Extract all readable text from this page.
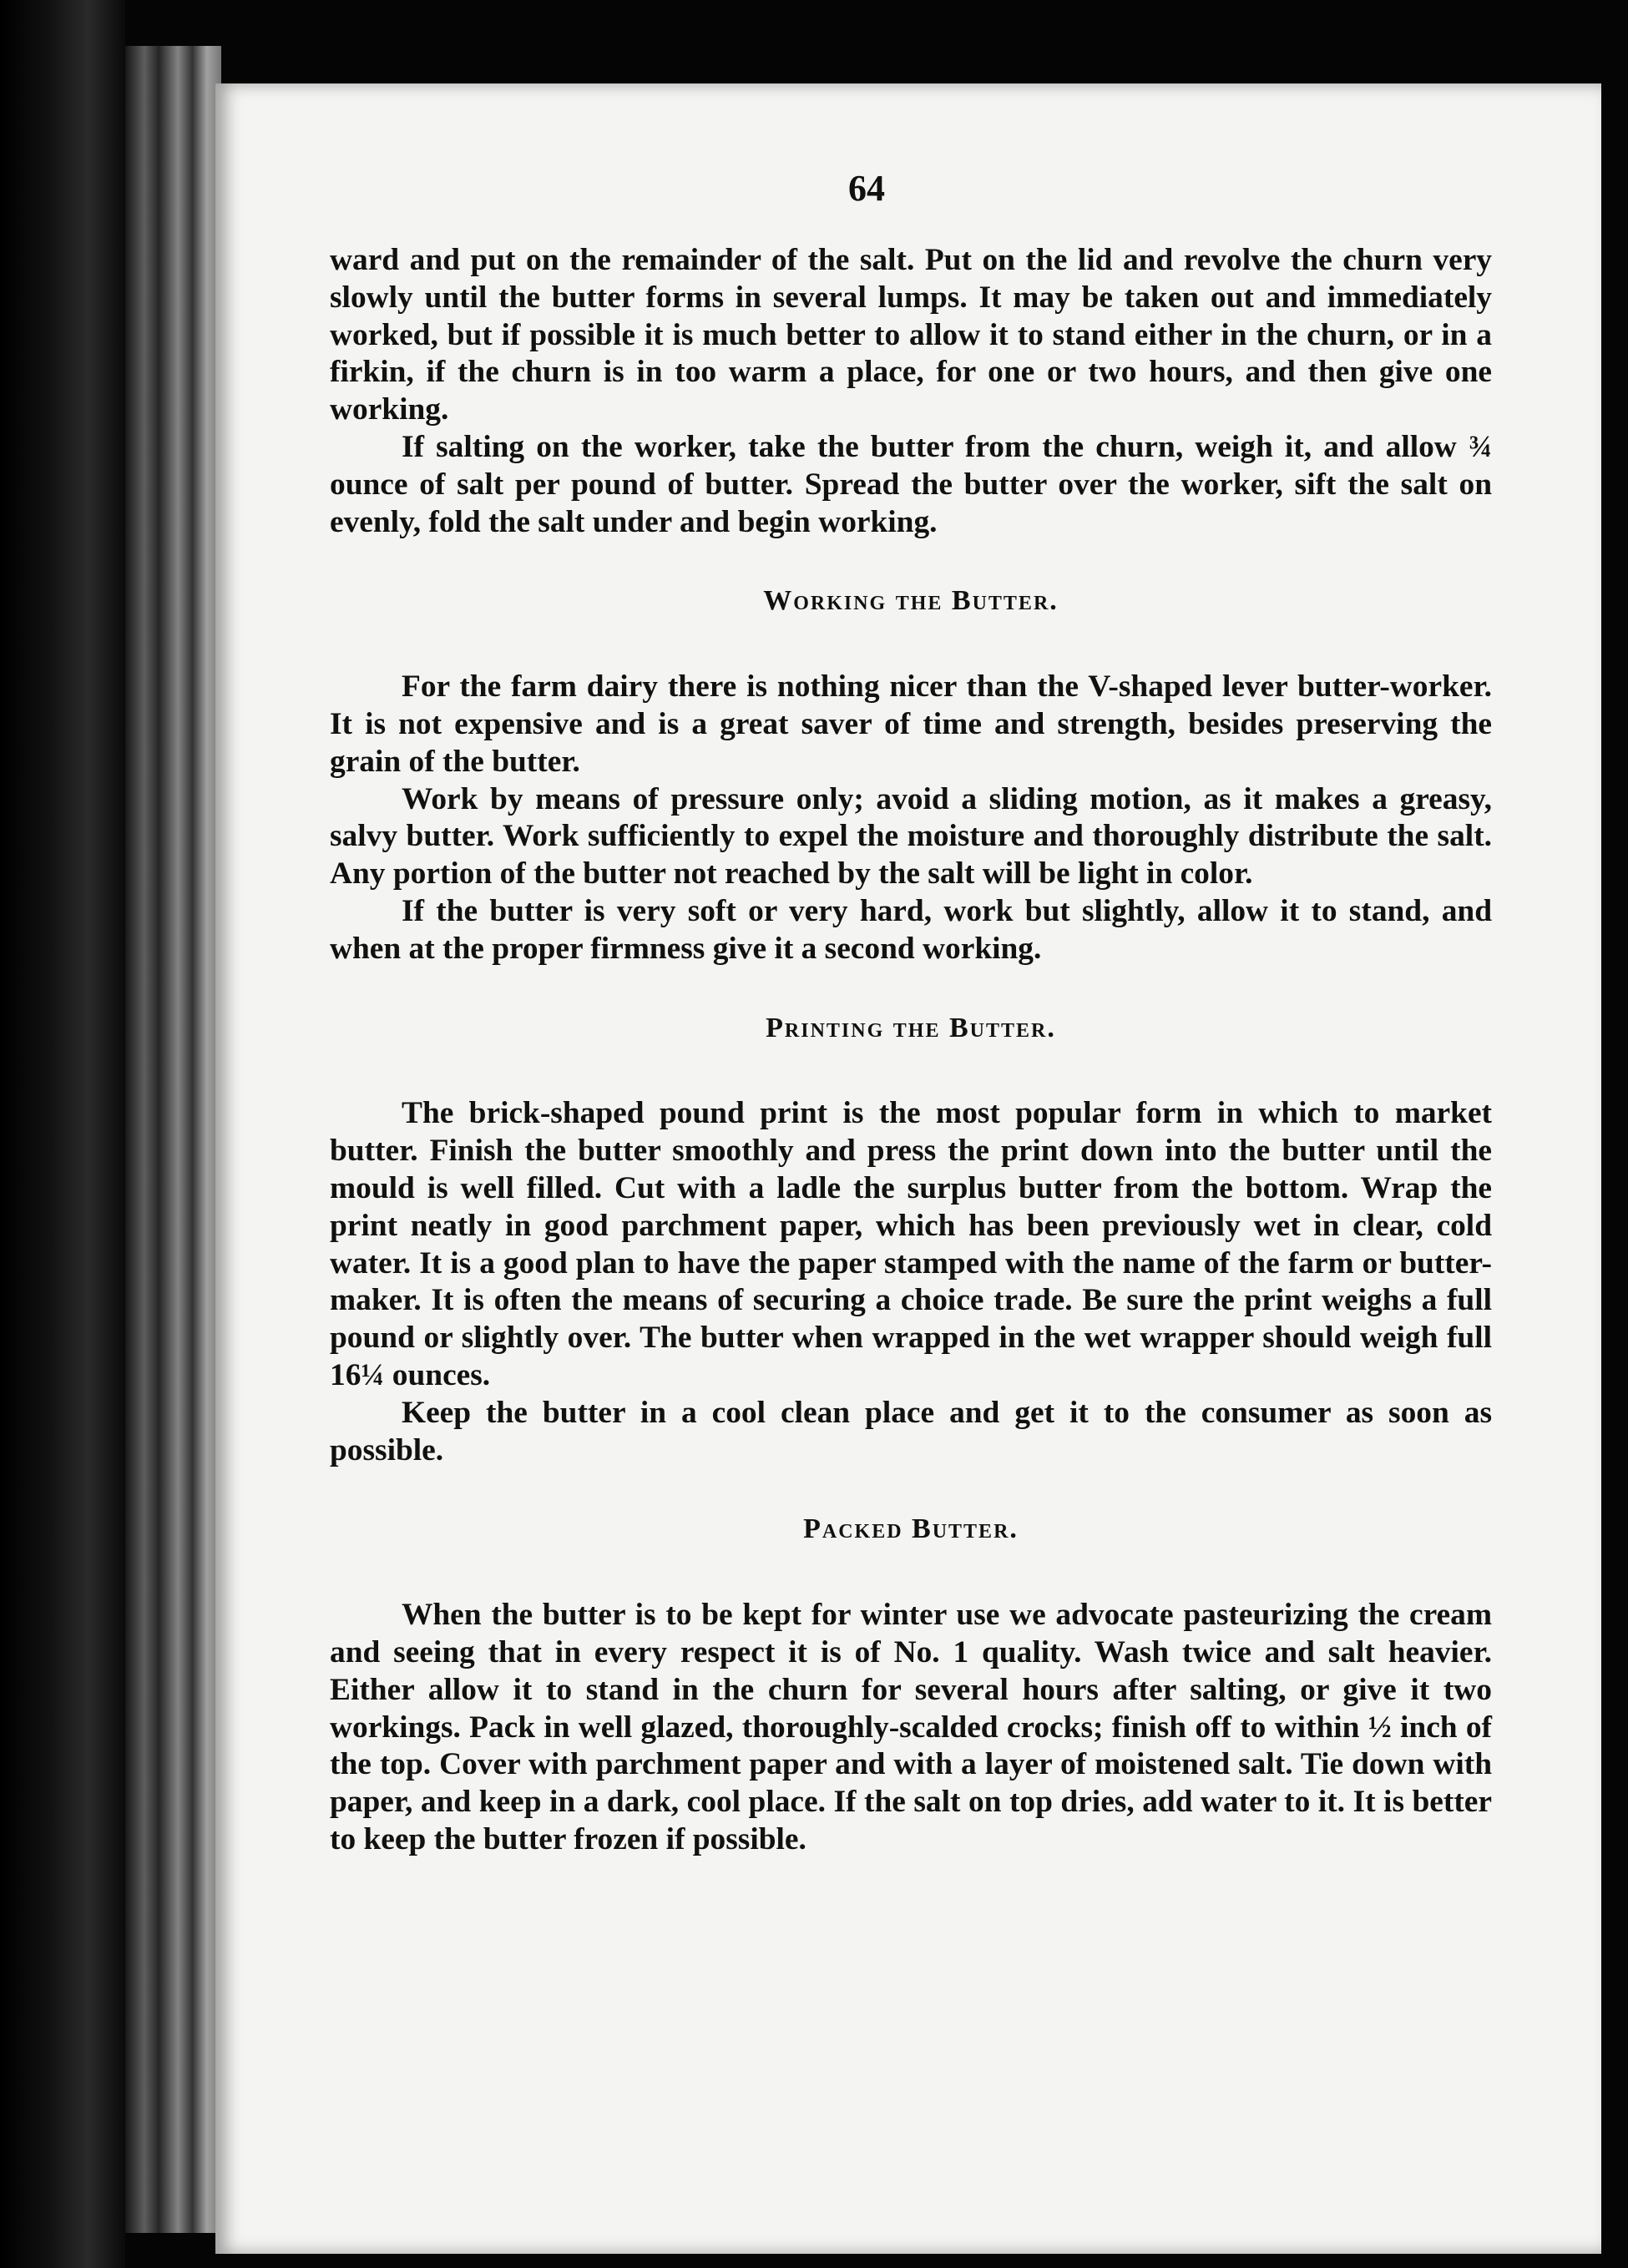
64

ward and put on the remainder of the salt. Put on the lid and revolve the churn very slowly until the butter forms in several lumps. It may be taken out and immediately worked, but if possible it is much better to allow it to stand either in the churn, or in a firkin, if the churn is in too warm a place, for one or two hours, and then give one working.

If salting on the worker, take the butter from the churn, weigh it, and allow ¾ ounce of salt per pound of butter. Spread the butter over the worker, sift the salt on evenly, fold the salt under and begin working.

Working the Butter.

For the farm dairy there is nothing nicer than the V-shaped lever butter-worker. It is not expensive and is a great saver of time and strength, besides preserving the grain of the butter.

Work by means of pressure only; avoid a sliding motion, as it makes a greasy, salvy butter. Work sufficiently to expel the moisture and thoroughly distribute the salt. Any portion of the butter not reached by the salt will be light in color.

If the butter is very soft or very hard, work but slightly, allow it to stand, and when at the proper firmness give it a second working.

Printing the Butter.

The brick-shaped pound print is the most popular form in which to market butter. Finish the butter smoothly and press the print down into the butter until the mould is well filled. Cut with a ladle the surplus butter from the bottom. Wrap the print neatly in good parchment paper, which has been previously wet in clear, cold water. It is a good plan to have the paper stamped with the name of the farm or butter-maker. It is often the means of securing a choice trade. Be sure the print weighs a full pound or slightly over. The butter when wrapped in the wet wrapper should weigh full 16¼ ounces.

Keep the butter in a cool clean place and get it to the consumer as soon as possible.

Packed Butter.

When the butter is to be kept for winter use we advocate pasteurizing the cream and seeing that in every respect it is of No. 1 quality. Wash twice and salt heavier. Either allow it to stand in the churn for several hours after salting, or give it two workings. Pack in well glazed, thoroughly-scalded crocks; finish off to within ½ inch of the top. Cover with parchment paper and with a layer of moistened salt. Tie down with paper, and keep in a dark, cool place. If the salt on top dries, add water to it. It is better to keep the butter frozen if possible.
